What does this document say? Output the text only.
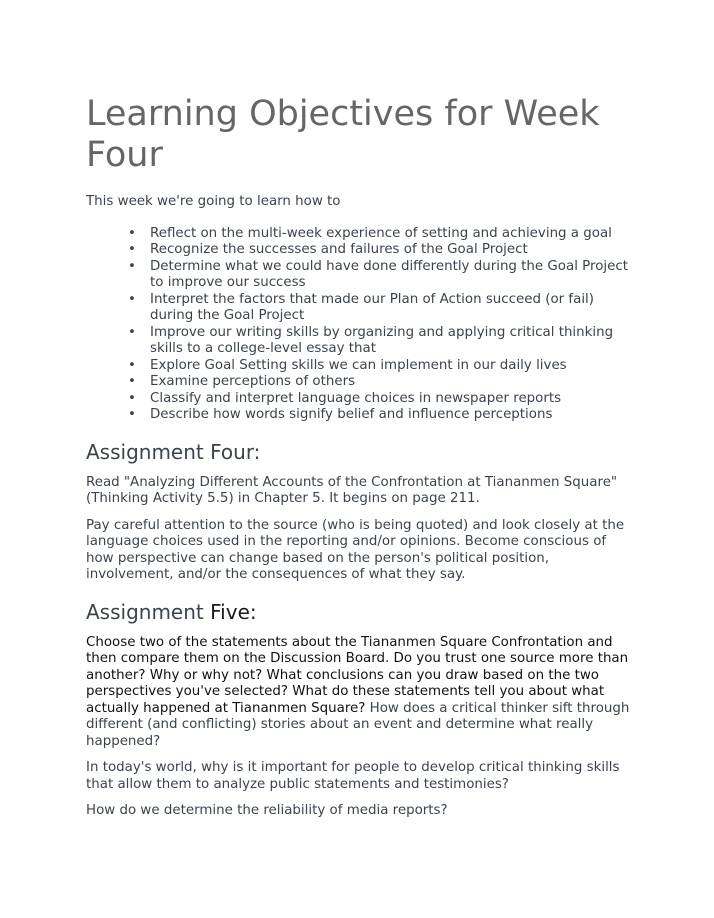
Learning Objectives for Week Four

This week we're going to learn how to

• Reflect on the multi-week experience of setting and achieving a goal
• Recognize the successes and failures of the Goal Project
• Determine what we could have done differently during the Goal Project to improve our success
• Interpret the factors that made our Plan of Action succeed (or fail) during the Goal Project
• Improve our writing skills by organizing and applying critical thinking skills to a college-level essay that
• Explore Goal Setting skills we can implement in our daily lives
• Examine perceptions of others
• Classify and interpret language choices in newspaper reports
• Describe how words signify belief and influence perceptions
Assignment Four:

Read "Analyzing Different Accounts of the Confrontation at Tiananmen Square" (Thinking Activity 5.5) in Chapter 5. It begins on page 211.

Pay careful attention to the source (who is being quoted) and look closely at the language choices used in the reporting and/or opinions. Become conscious of how perspective can change based on the person's political position, involvement, and/or the consequences of what they say.

Assignment Five:

Choose two of the statements about the Tiananmen Square Confrontation and then compare them on the Discussion Board. Do you trust one source more than another? Why or why not? What conclusions can you draw based on the two perspectives you've selected? What do these statements tell you about what actually happened at Tiananmen Square? How does a critical thinker sift through different (and conflicting) stories about an event and determine what really happened?

In today's world, why is it important for people to develop critical thinking skills that allow them to analyze public statements and testimonies?

How do we determine the reliability of media reports?
